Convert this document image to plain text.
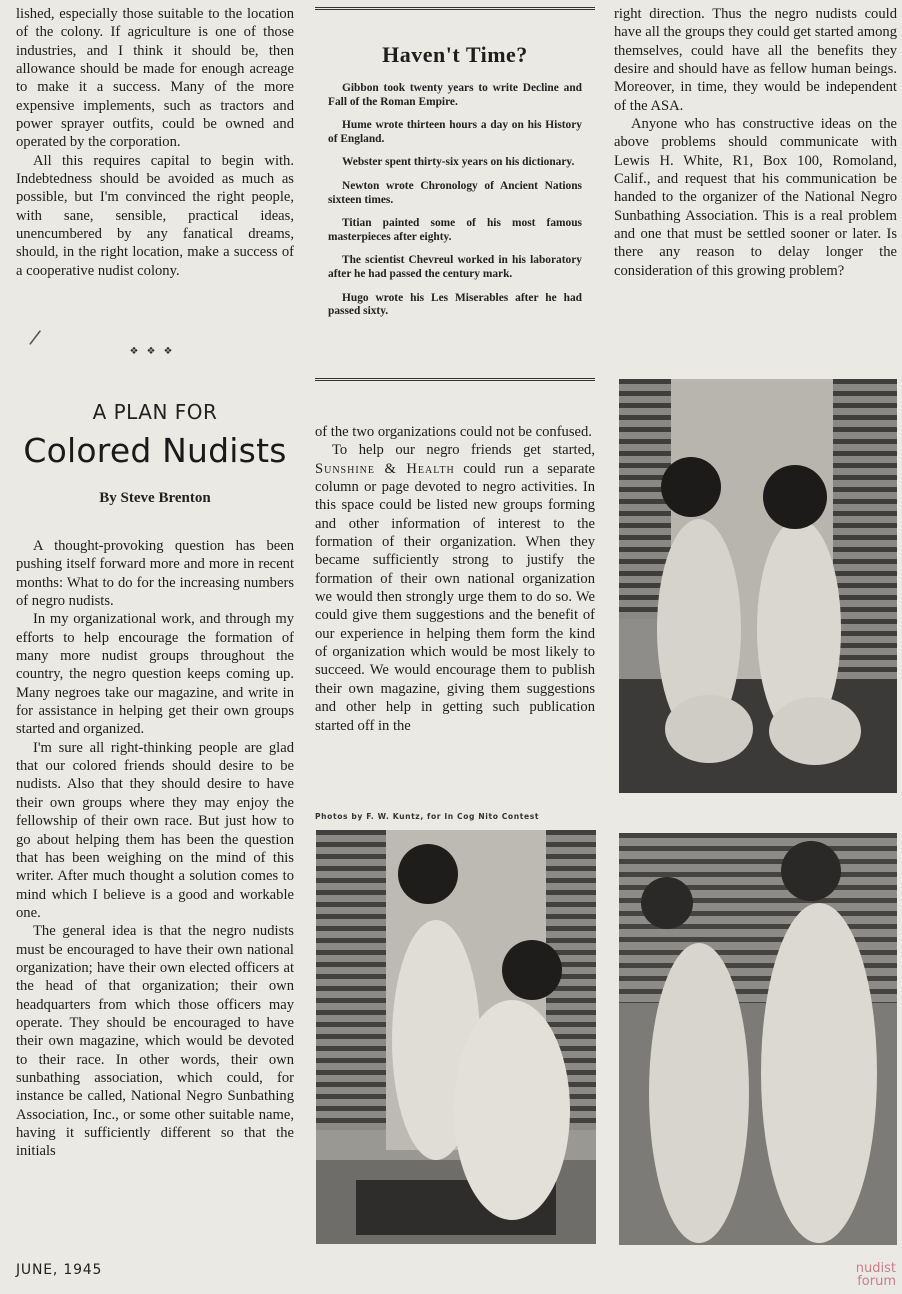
lished, especially those suitable to the location of the colony. If agriculture is one of those industries, and I think it should be, then allowance should be made for enough acreage to make it a success. Many of the more expensive implements, such as tractors and power sprayer outfits, could be owned and operated by the corporation.

All this requires capital to begin with. Indebtedness should be avoided as much as possible, but I'm convinced the right people, with sane, sensible, practical ideas, unencumbered by any fanatical dreams, should, in the right location, make a success of a cooperative nudist colony.

/
❖❖❖
A PLAN FOR
Colored Nudists
By Steve Brenton

A thought-provoking question has been pushing itself forward more and more in recent months: What to do for the increasing numbers of negro nudists.

In my organizational work, and through my efforts to help encourage the formation of many more nudist groups throughout the country, the negro question keeps coming up. Many negroes take our magazine, and write in for assistance in helping get their own groups started and organized.

I'm sure all right-thinking people are glad that our colored friends should desire to be nudists. Also that they should desire to have their own groups where they may enjoy the fellowship of their own race. But just how to go about helping them has been the question that has been weighing on the mind of this writer. After much thought a solution comes to mind which I believe is a good and workable one.

The general idea is that the negro nudists must be encouraged to have their own national organization; have their own elected officers at the head of that organization; their own headquarters from which those officers may operate. They should be encouraged to have their own magazine, which would be devoted to their race. In other words, their own sunbathing association, which could, for instance be called, National Negro Sunbathing Association, Inc., or some other suitable name, having it sufficiently different so that the initials

Haven't Time?

Gibbon took twenty years to write Decline and Fall of the Roman Empire.

Hume wrote thirteen hours a day on his History of England.

Webster spent thirty-six years on his dictionary.

Newton wrote Chronology of Ancient Nations sixteen times.

Titian painted some of his most famous masterpieces after eighty.

The scientist Chevreul worked in his laboratory after he had passed the century mark.

Hugo wrote his Les Miserables after he had passed sixty.

of the two organizations could not be confused.

To help our negro friends get started, Sunshine & Health could run a separate column or page devoted to negro activities. In this space could be listed new groups forming and other information of interest to the formation of their organization. When they became sufficiently strong to justify the formation of their own national organization we would then strongly urge them to do so. We could give them suggestions and the benefit of our experience in helping them form the kind of organization which would be most likely to succeed. We would encourage them to publish their own magazine, giving them suggestions and other help in getting such publication started off in the

right direction. Thus the negro nudists could have all the groups they could get started among themselves, could have all the benefits they desire and should have as fellow human beings. Moreover, in time, they would be independent of the ASA.

Anyone who has constructive ideas on the above problems should communicate with Lewis H. White, R1, Box 100, Romoland, Calif., and request that his communication be handed to the organizer of the National Negro Sunbathing Association. This is a real problem and one that must be settled sooner or later. Is there any reason to delay longer the consideration of this growing problem?

Photos by F. W. Kuntz, for In Cog Nito Contest
JUNE, 1945	nudist
forum
